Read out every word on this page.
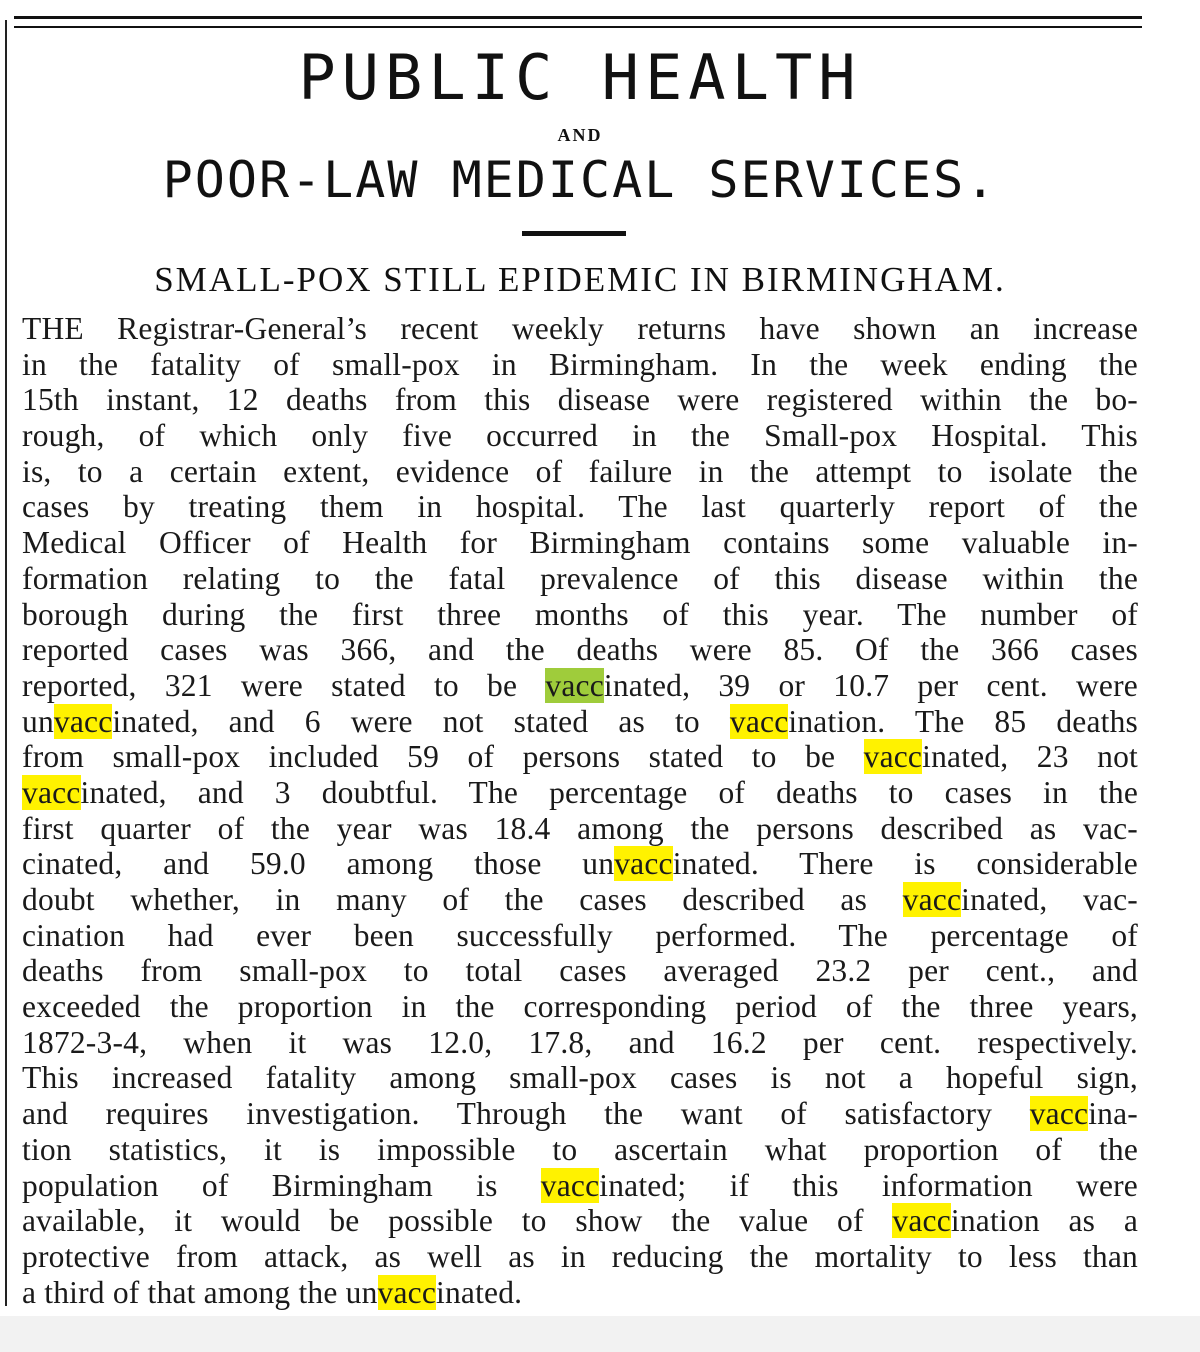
PUBLIC HEALTH
AND
POOR-LAW MEDICAL SERVICES.
SMALL-POX STILL EPIDEMIC IN BIRMINGHAM.
THE Registrar-General’s recent weekly returns have shown an increase
in the fatality of small-pox in Birmingham. In the week ending the
15th instant, 12 deaths from this disease were registered within the bo-
rough, of which only five occurred in the Small-pox Hospital. This
is, to a certain extent, evidence of failure in the attempt to isolate the
cases by treating them in hospital. The last quarterly report of the
Medical Officer of Health for Birmingham contains some valuable in-
formation relating to the fatal prevalence of this disease within the
borough during the first three months of this year. The number of
reported cases was 366, and the deaths were 85. Of the 366 cases
reported, 321 were stated to be vaccinated, 39 or 10.7 per cent. were
unvaccinated, and 6 were not stated as to vaccination. The 85 deaths
from small-pox included 59 of persons stated to be vaccinated, 23 not
vaccinated, and 3 doubtful. The percentage of deaths to cases in the
first quarter of the year was 18.4 among the persons described as vac-
cinated, and 59.0 among those unvaccinated. There is considerable
doubt whether, in many of the cases described as vaccinated, vac-
cination had ever been successfully performed. The percentage of
deaths from small-pox to total cases averaged 23.2 per cent., and
exceeded the proportion in the corresponding period of the three years,
1872-3-4, when it was 12.0, 17.8, and 16.2 per cent. respectively.
This increased fatality among small-pox cases is not a hopeful sign,
and requires investigation. Through the want of satisfactory vaccina-
tion statistics, it is impossible to ascertain what proportion of the
population of Birmingham is vaccinated; if this information were
available, it would be possible to show the value of vaccination as a
protective from attack, as well as in reducing the mortality to less than
a third of that among the unvaccinated.
